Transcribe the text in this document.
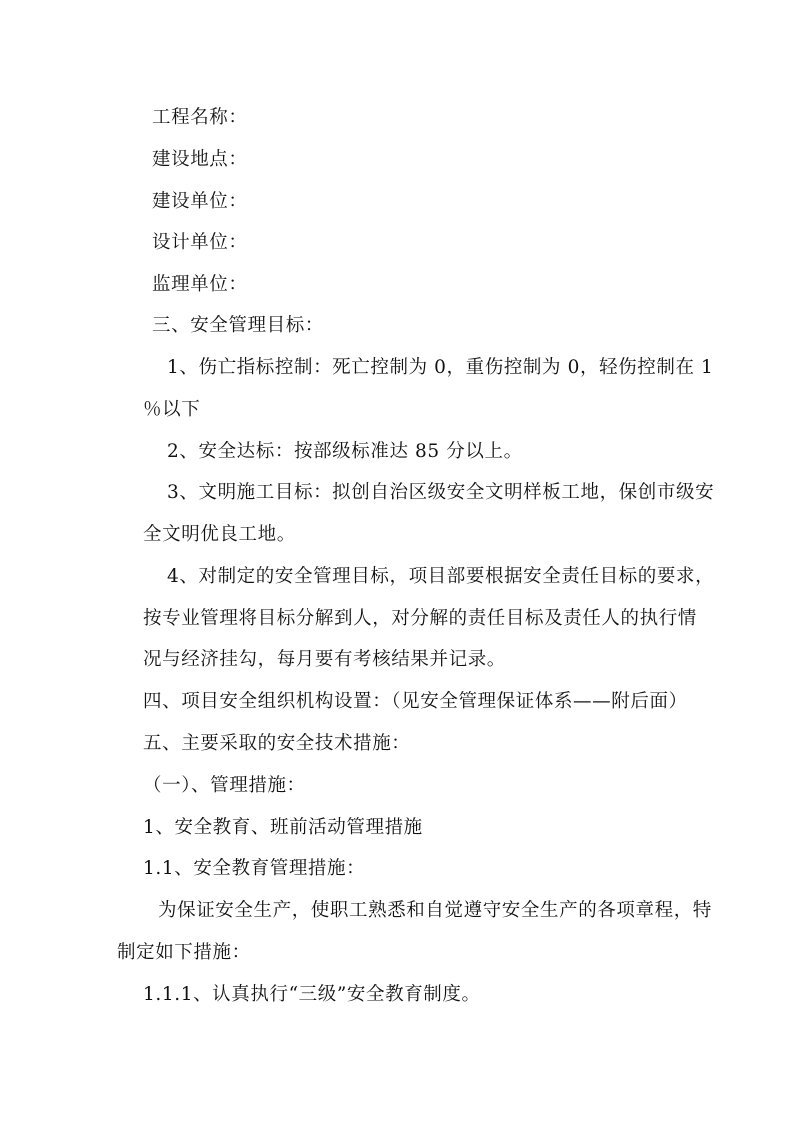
工程名称：
建设地点：
建设单位：
设计单位：
监理单位：
三、安全管理目标：
1、伤亡指标控制：死亡控制为 0，重伤控制为 0，轻伤控制在 1
％以下
2、安全达标：按部级标准达 85 分以上。
3、文明施工目标：拟创自治区级安全文明样板工地，保创市级安
全文明优良工地。
4、对制定的安全管理目标，项目部要根据安全责任目标的要求，
按专业管理将目标分解到人，对分解的责任目标及责任人的执行情
况与经济挂勾，每月要有考核结果并记录。
四、项目安全组织机构设置：（见安全管理保证体系——附后面）
五、主要采取的安全技术措施：
（一）、管理措施：
1、安全教育、班前活动管理措施
1.1、安全教育管理措施：
为保证安全生产，使职工熟悉和自觉遵守安全生产的各项章程，特
制定如下措施：
1.1.1、认真执行“三级”安全教育制度。
